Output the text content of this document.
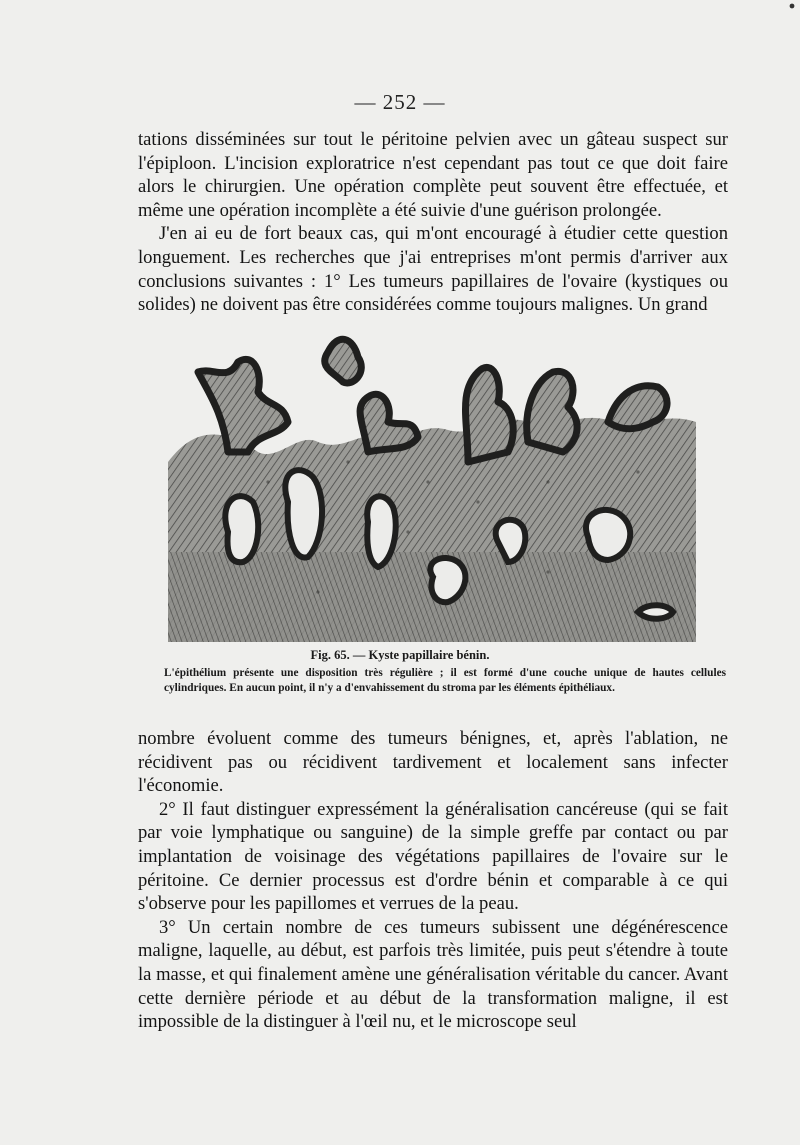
— 252 —

tations disséminées sur tout le péritoine pelvien avec un gâteau suspect sur l'épiploon. L'incision exploratrice n'est cependant pas tout ce que doit faire alors le chirurgien. Une opération complète peut souvent être effectuée, et même une opération incomplète a été suivie d'une guérison prolongée.

J'en ai eu de fort beaux cas, qui m'ont encouragé à étudier cette question longuement. Les recherches que j'ai entreprises m'ont permis d'arriver aux conclusions suivantes : 1° Les tumeurs papillaires de l'ovaire (kystiques ou solides) ne doivent pas être considérées comme toujours malignes. Un grand

Fig. 65. — Kyste papillaire bénin.
L'épithélium présente une disposition très régulière ; il est formé d'une couche unique de hautes cellules cylindriques. En aucun point, il n'y a d'envahissement du stroma par les éléments épithéliaux.

nombre évoluent comme des tumeurs bénignes, et, après l'ablation, ne récidivent pas ou récidivent tardivement et localement sans infecter l'économie.

2° Il faut distinguer expressément la généralisation cancéreuse (qui se fait par voie lymphatique ou sanguine) de la simple greffe par contact ou par implantation de voisinage des végétations papillaires de l'ovaire sur le péritoine. Ce dernier processus est d'ordre bénin et comparable à ce qui s'observe pour les papillomes et verrues de la peau.

3° Un certain nombre de ces tumeurs subissent une dégénérescence maligne, laquelle, au début, est parfois très limitée, puis peut s'étendre à toute la masse, et qui finalement amène une généralisation véritable du cancer. Avant cette dernière période et au début de la transformation maligne, il est impossible de la distinguer à l'œil nu, et le microscope seul
